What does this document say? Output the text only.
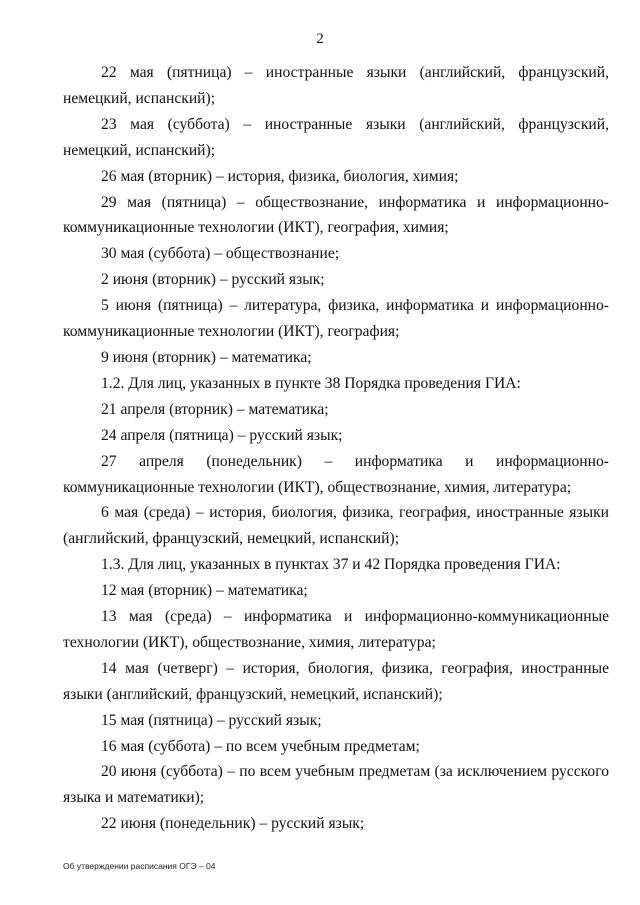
2

22 мая (пятница) – иностранные языки (английский, французский, немецкий, испанский);

23 мая (суббота) – иностранные языки (английский, французский, немецкий, испанский);

26 мая (вторник) – история, физика, биология, химия;

29 мая (пятница) – обществознание, информатика и информационно-коммуникационные технологии (ИКТ), география, химия;

30 мая (суббота) – обществознание;

2 июня (вторник) – русский язык;

5 июня (пятница) – литература, физика, информатика и информационно-коммуникационные технологии (ИКТ), география;

9 июня (вторник) – математика;

1.2. Для лиц, указанных в пункте 38 Порядка проведения ГИА:

21 апреля (вторник) – математика;

24 апреля (пятница) – русский язык;

27 апреля (понедельник) – информатика и информационно-коммуникационные технологии (ИКТ), обществознание, химия, литература;

6 мая (среда) – история, биология, физика, география, иностранные языки (английский, французский, немецкий, испанский);

1.3. Для лиц, указанных в пунктах 37 и 42 Порядка проведения ГИА:

12 мая (вторник) – математика;

13 мая (среда) – информатика и информационно-коммуникационные технологии (ИКТ), обществознание, химия, литература;

14 мая (четверг) – история, биология, физика, география, иностранные языки (английский, французский, немецкий, испанский);

15 мая (пятница) – русский язык;

16 мая (суббота) – по всем учебным предметам;

20 июня (суббота) – по всем учебным предметам (за исключением русского языка и математики);

22 июня (понедельник) – русский язык;

Об утверждении расписания ОГЭ – 04
